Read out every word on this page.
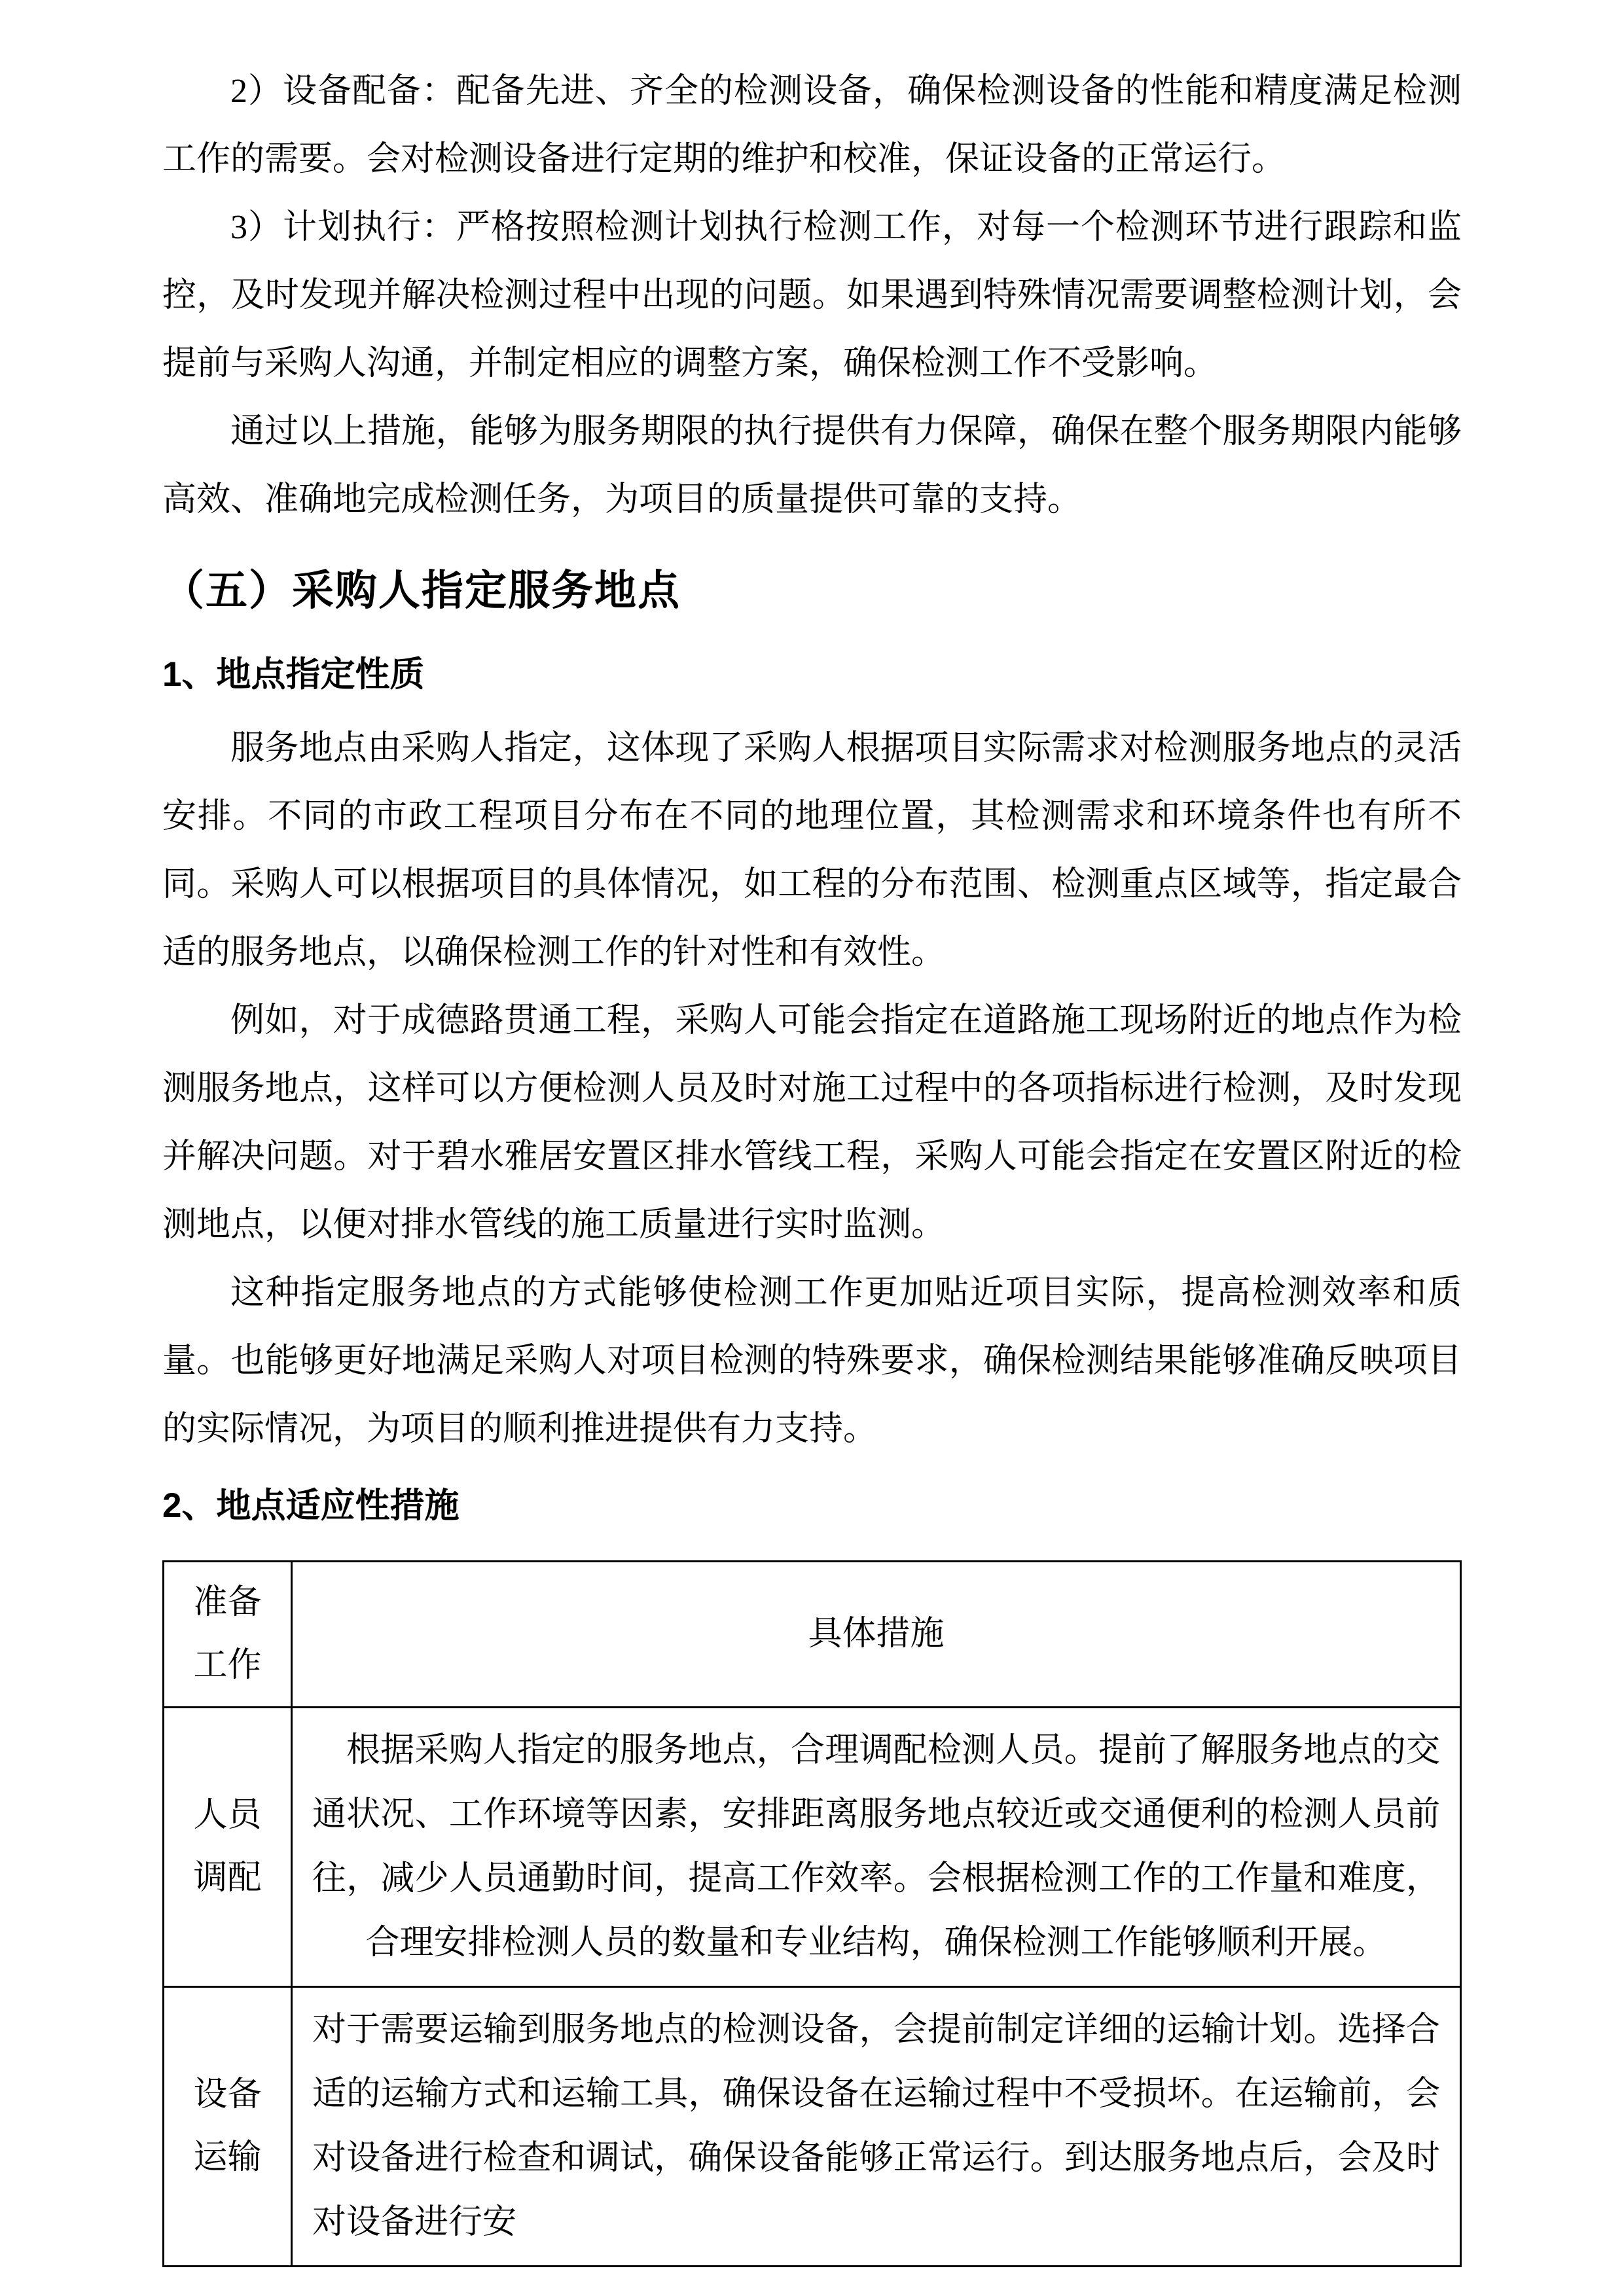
2）设备配备：配备先进、齐全的检测设备，确保检测设备的性能和精度满足检测工作的需要。会对检测设备进行定期的维护和校准，保证设备的正常运行。

3）计划执行：严格按照检测计划执行检测工作，对每一个检测环节进行跟踪和监控，及时发现并解决检测过程中出现的问题。如果遇到特殊情况需要调整检测计划，会提前与采购人沟通，并制定相应的调整方案，确保检测工作不受影响。

通过以上措施，能够为服务期限的执行提供有力保障，确保在整个服务期限内能够高效、准确地完成检测任务，为项目的质量提供可靠的支持。

（五）采购人指定服务地点
1、地点指定性质

服务地点由采购人指定，这体现了采购人根据项目实际需求对检测服务地点的灵活安排。不同的市政工程项目分布在不同的地理位置，其检测需求和环境条件也有所不同。采购人可以根据项目的具体情况，如工程的分布范围、检测重点区域等，指定最合适的服务地点，以确保检测工作的针对性和有效性。

例如，对于成德路贯通工程，采购人可能会指定在道路施工现场附近的地点作为检测服务地点，这样可以方便检测人员及时对施工过程中的各项指标进行检测，及时发现并解决问题。对于碧水雅居安置区排水管线工程，采购人可能会指定在安置区附近的检测地点，以便对排水管线的施工质量进行实时监测。

这种指定服务地点的方式能够使检测工作更加贴近项目实际，提高检测效率和质量。也能够更好地满足采购人对项目检测的特殊要求，确保检测结果能够准确反映项目的实际情况，为项目的顺利推进提供有力支持。

2、地点适应性措施
准备
工作	具体措施

人员
调配	根据采购人指定的服务地点，合理调配检测人员。提前了解服务地点的交通状况、工作环境等因素，安排距离服务地点较近或交通便利的检测人员前往，减少人员通勤时间，提高工作效率。会根据检测工作的工作量和难度，合理安排检测人员的数量和专业结构，确保检测工作能够顺利开展。

设备
运输	对于需要运输到服务地点的检测设备，会提前制定详细的运输计划。选择合适的运输方式和运输工具，确保设备在运输过程中不受损坏。在运输前，会对设备进行检查和调试，确保设备能够正常运行。到达服务地点后，会及时对设备进行安
